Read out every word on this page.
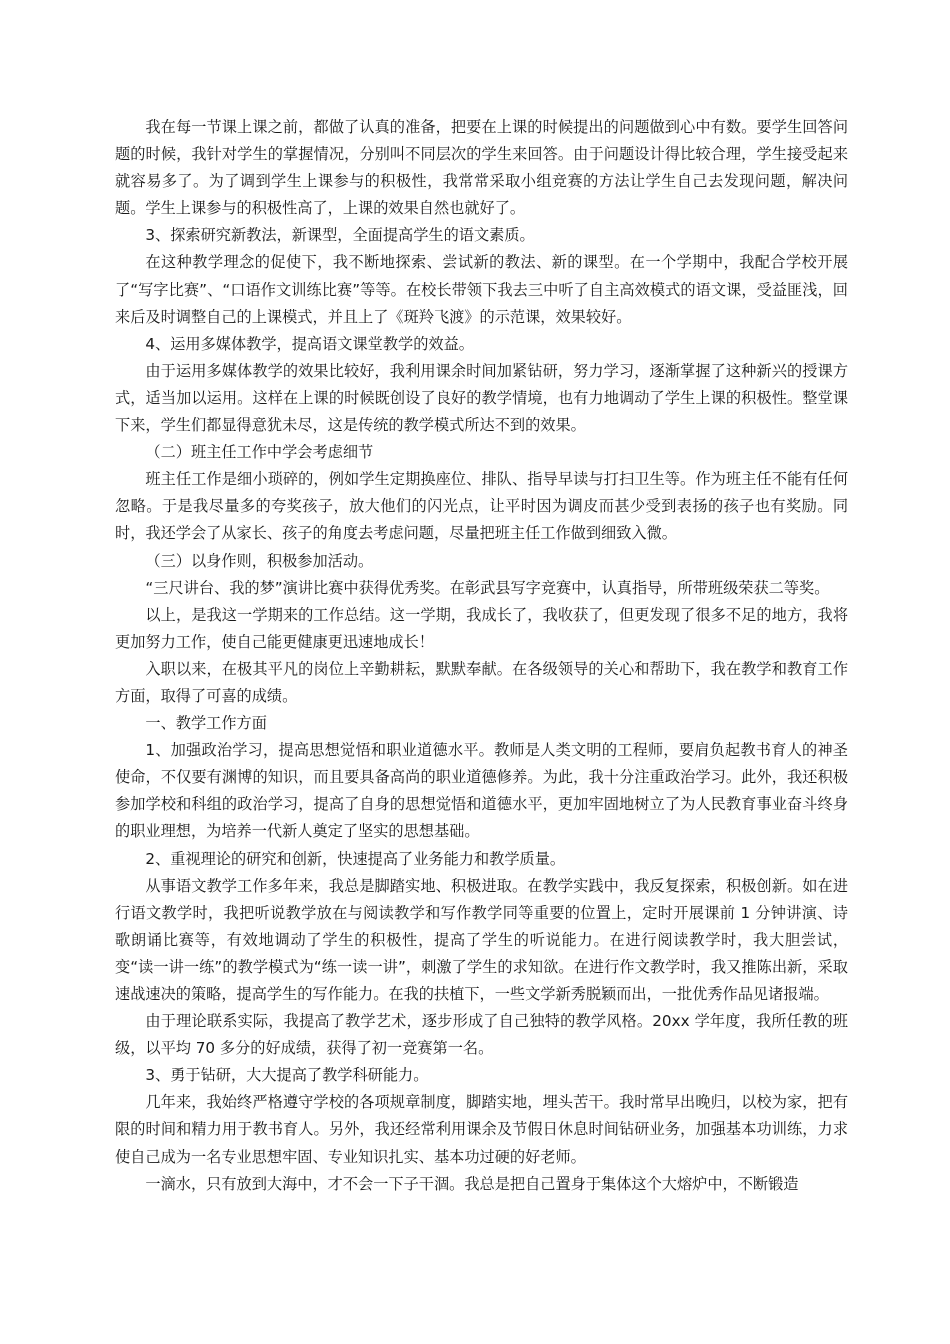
我在每一节课上课之前，都做了认真的准备，把要在上课的时候提出的问题做到心中有数。要学生回答问题的时候，我针对学生的掌握情况，分别叫不同层次的学生来回答。由于问题设计得比较合理，学生接受起来就容易多了。为了调到学生上课参与的积极性，我常常采取小组竞赛的方法让学生自己去发现问题，解决问题。学生上课参与的积极性高了，上课的效果自然也就好了。

3、探索研究新教法，新课型，全面提高学生的语文素质。

在这种教学理念的促使下，我不断地探索、尝试新的教法、新的课型。在一个学期中，我配合学校开展了“写字比赛”、“口语作文训练比赛”等等。在校长带领下我去三中听了自主高效模式的语文课，受益匪浅，回来后及时调整自己的上课模式，并且上了《斑羚飞渡》的示范课，效果较好。

4、运用多媒体教学，提高语文课堂教学的效益。

由于运用多媒体教学的效果比较好，我利用课余时间加紧钻研，努力学习，逐渐掌握了这种新兴的授课方式，适当加以运用。这样在上课的时候既创设了良好的教学情境，也有力地调动了学生上课的积极性。整堂课下来，学生们都显得意犹未尽，这是传统的教学模式所达不到的效果。

（二）班主任工作中学会考虑细节

班主任工作是细小琐碎的，例如学生定期换座位、排队、指导早读与打扫卫生等。作为班主任不能有任何忽略。于是我尽量多的夸奖孩子，放大他们的闪光点，让平时因为调皮而甚少受到表扬的孩子也有奖励。同时，我还学会了从家长、孩子的角度去考虑问题，尽量把班主任工作做到细致入微。

（三）以身作则，积极参加活动。

“三尺讲台、我的梦”演讲比赛中获得优秀奖。在彰武县写字竞赛中，认真指导，所带班级荣获二等奖。

以上，是我这一学期来的工作总结。这一学期，我成长了，我收获了，但更发现了很多不足的地方，我将更加努力工作，使自己能更健康更迅速地成长！

入职以来，在极其平凡的岗位上辛勤耕耘，默默奉献。在各级领导的关心和帮助下，我在教学和教育工作方面，取得了可喜的成绩。

一、教学工作方面

1、加强政治学习，提高思想觉悟和职业道德水平。教师是人类文明的工程师，要肩负起教书育人的神圣使命，不仅要有渊博的知识，而且要具备高尚的职业道德修养。为此，我十分注重政治学习。此外，我还积极参加学校和科组的政治学习，提高了自身的思想觉悟和道德水平，更加牢固地树立了为人民教育事业奋斗终身的职业理想，为培养一代新人奠定了坚实的思想基础。

2、重视理论的研究和创新，快速提高了业务能力和教学质量。

从事语文教学工作多年来，我总是脚踏实地、积极进取。在教学实践中，我反复探索，积极创新。如在进行语文教学时，我把听说教学放在与阅读教学和写作教学同等重要的位置上，定时开展课前 1 分钟讲演、诗歌朗诵比赛等，有效地调动了学生的积极性，提高了学生的听说能力。在进行阅读教学时，我大胆尝试，变“读一讲一练”的教学模式为“练一读一讲”，刺激了学生的求知欲。在进行作文教学时，我又推陈出新，采取速战速决的策略，提高学生的写作能力。在我的扶植下，一些文学新秀脱颖而出，一批优秀作品见诸报端。

由于理论联系实际，我提高了教学艺术，逐步形成了自己独特的教学风格。20xx 学年度，我所任教的班级，以平均 70 多分的好成绩，获得了初一竞赛第一名。

3、勇于钻研，大大提高了教学科研能力。

几年来，我始终严格遵守学校的各项规章制度，脚踏实地，埋头苦干。我时常早出晚归，以校为家，把有限的时间和精力用于教书育人。另外，我还经常利用课余及节假日休息时间钻研业务，加强基本功训练，力求使自己成为一名专业思想牢固、专业知识扎实、基本功过硬的好老师。

一滴水，只有放到大海中，才不会一下子干涸。我总是把自己置身于集体这个大熔炉中，不断锻造
